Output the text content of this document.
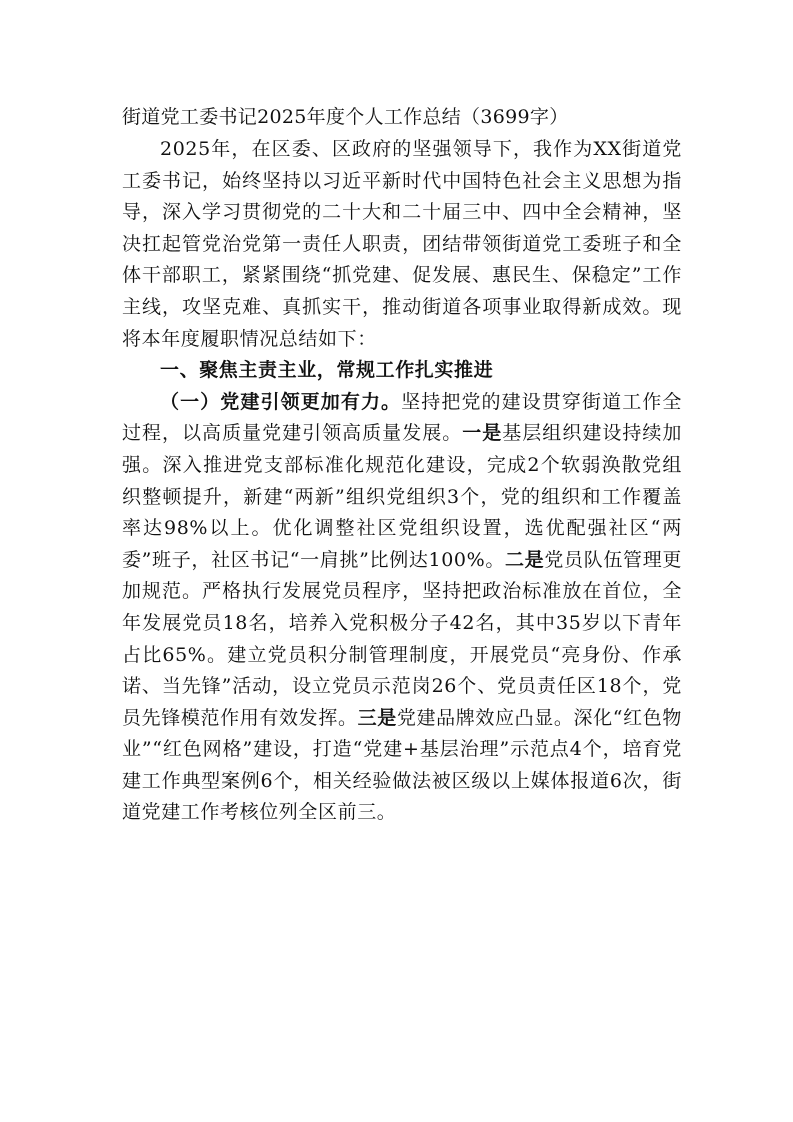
街道党工委书记2025年度个人工作总结（3699字）

2025年，在区委、区政府的坚强领导下，我作为XX街道党工委书记，始终坚持以习近平新时代中国特色社会主义思想为指导，深入学习贯彻党的二十大和二十届三中、四中全会精神，坚决扛起管党治党第一责任人职责，团结带领街道党工委班子和全体干部职工，紧紧围绕“抓党建、促发展、惠民生、保稳定”工作主线，攻坚克难、真抓实干，推动街道各项事业取得新成效。现将本年度履职情况总结如下：

一、聚焦主责主业，常规工作扎实推进

（一）党建引领更加有力。坚持把党的建设贯穿街道工作全过程，以高质量党建引领高质量发展。一是基层组织建设持续加强。深入推进党支部标准化规范化建设，完成2个软弱涣散党组织整顿提升，新建“两新”组织党组织3个，党的组织和工作覆盖率达98%以上。优化调整社区党组织设置，选优配强社区“两委”班子，社区书记“一肩挑”比例达100%。二是党员队伍管理更加规范。严格执行发展党员程序，坚持把政治标准放在首位，全年发展党员18名，培养入党积极分子42名，其中35岁以下青年占比65%。建立党员积分制管理制度，开展党员“亮身份、作承诺、当先锋”活动，设立党员示范岗26个、党员责任区18个，党员先锋模范作用有效发挥。三是党建品牌效应凸显。深化“红色物业”“红色网格”建设，打造“党建+基层治理”示范点4个，培育党建工作典型案例6个，相关经验做法被区级以上媒体报道6次，街道党建工作考核位列全区前三。
